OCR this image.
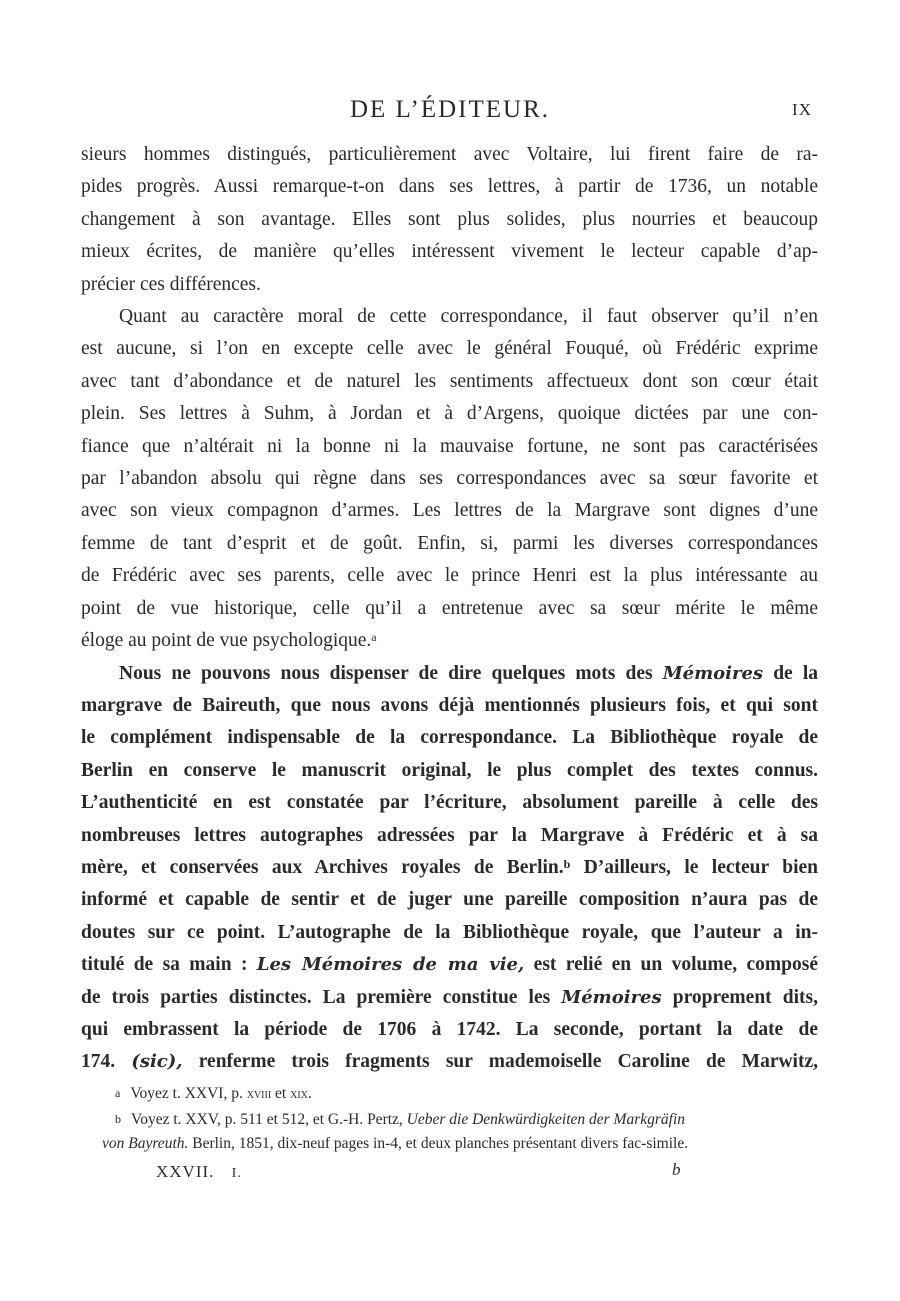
DE L’ÉDITEUR.	IX
sieurs hommes distingués, particulièrement avec Voltaire, lui firent faire de ra-
pides progrès. Aussi remarque-t-on dans ses lettres, à partir de 1736, un notable
changement à son avantage. Elles sont plus solides, plus nourries et beaucoup
mieux écrites, de manière qu’elles intéressent vivement le lecteur capable d’ap-
précier ces différences.
Quant au caractère moral de cette correspondance, il faut observer qu’il n’en
est aucune, si l’on en excepte celle avec le général Fouqué, où Frédéric exprime
avec tant d’abondance et de naturel les sentiments affectueux dont son cœur était
plein. Ses lettres à Suhm, à Jordan et à d’Argens, quoique dictées par une con-
fiance que n’altérait ni la bonne ni la mauvaise fortune, ne sont pas caractérisées
par l’abandon absolu qui règne dans ses correspondances avec sa sœur favorite et
avec son vieux compagnon d’armes. Les lettres de la Margrave sont dignes d’une
femme de tant d’esprit et de goût. Enfin, si, parmi les diverses correspondances
de Frédéric avec ses parents, celle avec le prince Henri est la plus intéressante au
point de vue historique, celle qu’il a entretenue avec sa sœur mérite le même
éloge au point de vue psychologique.$^a$
Nous ne pouvons nous dispenser de dire quelques mots des Mémoires de la
margrave de Baireuth, que nous avons déjà mentionnés plusieurs fois, et qui sont
le complément indispensable de la correspondance. La Bibliothèque royale de
Berlin en conserve le manuscrit original, le plus complet des textes connus.
L’authenticité en est constatée par l’écriture, absolument pareille à celle des
nombreuses lettres autographes adressées par la Margrave à Frédéric et à sa
mère, et conservées aux Archives royales de Berlin.$^b$ D’ailleurs, le lecteur bien
informé et capable de sentir et de juger une pareille composition n’aura pas de
doutes sur ce point. L’autographe de la Bibliothèque royale, que l’auteur a in-
titulé de sa main : Les Mémoires de ma vie, est relié en un volume, composé
de trois parties distinctes. La première constitue les Mémoires proprement dits,
qui embrassent la période de 1706 à 1742. La seconde, portant la date de
174. (sic), renferme trois fragments sur mademoiselle Caroline de Marwitz,
a Voyez t. XXVI, p. xviii et xix.
b Voyez t. XXV, p. 511 et 512, et G.-H. Pertz, Ueber die Denkwürdigkeiten der Markgräfin
von Bayreuth. Berlin, 1851, dix-neuf pages in-4, et deux planches présentant divers fac-simile.
XXVII. I.	b
